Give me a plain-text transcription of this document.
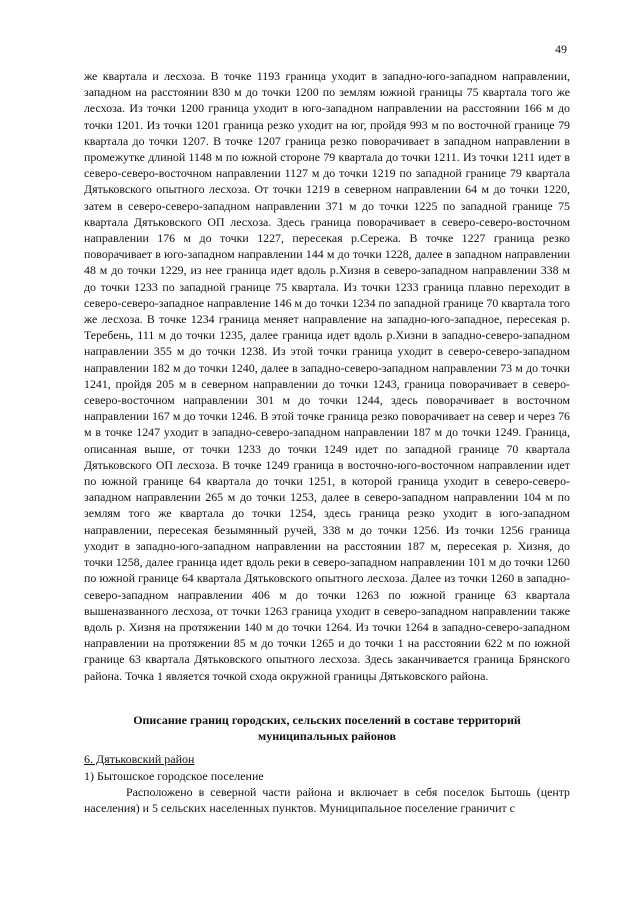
49

же квартала и лесхоза. В точке 1193 граница уходит в западно-юго-западном направлении, западном на расстоянии 830 м до точки 1200 по землям южной границы 75 квартала того же лесхоза. Из точки 1200 граница уходит в юго-западном направлении на расстоянии 166 м до точки 1201. Из точки 1201 граница резко уходит на юг, пройдя 993 м по восточной границе 79 квартала до точки 1207. В точке 1207 граница резко поворачивает в западном направлении в промежутке длиной 1148 м по южной стороне 79 квартала до точки 1211. Из точки 1211 идет в северо-северо-восточном направлении 1127 м до точки 1219 по западной границе 79 квартала Дятьковского опытного лесхоза. От точки 1219 в северном направлении 64 м до точки 1220, затем в северо-северо-западном направлении 371 м до точки 1225 по западной границе 75 квартала Дятьковского ОП лесхоза. Здесь граница поворачивает в северо-северо-восточном направлении 176 м до точки 1227, пересекая р.Сережа. В точке 1227 граница резко поворачивает в юго-западном направлении 144 м до точки 1228, далее в западном направлении 48 м до точки 1229, из нее граница идет вдоль р.Хизня в северо-западном направлении 338 м до точки 1233 по западной границе 75 квартала. Из точки 1233 граница плавно переходит в северо-северо-западное направление 146 м до точки 1234 по западной границе 70 квартала того же лесхоза. В точке 1234 граница меняет направление на западно-юго-западное, пересекая р. Теребень, 111 м до точки 1235, далее граница идет вдоль р.Хизни в западно-северо-западном направлении 355 м до точки 1238. Из этой точки граница уходит в северо-северо-западном направлении 182 м до точки 1240, далее в западно-северо-западном направлении 73 м до точки 1241, пройдя 205 м в северном направлении до точки 1243, граница поворачивает в северо-северо-восточном направлении 301 м до точки 1244, здесь поворачивает в восточном направлении 167 м до точки 1246. В этой точке граница резко поворачивает на север и через 76 м в точке 1247 уходит в западно-северо-западном направлении 187 м до точки 1249. Граница, описанная выше, от точки 1233 до точки 1249 идет по западной границе 70 квартала Дятьковского ОП лесхоза. В точке 1249 граница в восточно-юго-восточном направлении идет по южной границе 64 квартала до точки 1251, в которой граница уходит в северо-северо-западном направлении 265 м до точки 1253, далее в северо-западном направлении 104 м по землям того же квартала до точки 1254, здесь граница резко уходит в юго-западном направлении, пересекая безымянный ручей, 338 м до точки 1256. Из точки 1256 граница уходит в западно-юго-западном направлении на расстоянии 187 м, пересекая р. Хизня, до точки 1258, далее граница идет вдоль реки в северо-западном направлении 101 м до точки 1260 по южной границе 64 квартала Дятьковского опытного лесхоза. Далее из точки 1260 в западно-северо-западном направлении 406 м до точки 1263 по южной границе 63 квартала вышеназванного лесхоза, от точки 1263 граница уходит в северо-западном направлении также вдоль р. Хизня на протяжении 140 м до точки 1264. Из точки 1264 в западно-северо-западном направлении на протяжении 85 м до точки 1265 и до точки 1 на расстоянии 622 м по южной границе 63 квартала Дятьковского опытного лесхоза. Здесь заканчивается граница Брянского района. Точка 1 является точкой схода окружной границы Дятьковского района.

Описание границ городских, сельских поселений в составе территорий
муниципальных районов
6. Дятьковский район
1) Бытошское городское поселение

Расположено в северной части района и включает в себя поселок Бытошь (центр населения) и 5 сельских населенных пунктов. Муниципальное поселение граничит с
